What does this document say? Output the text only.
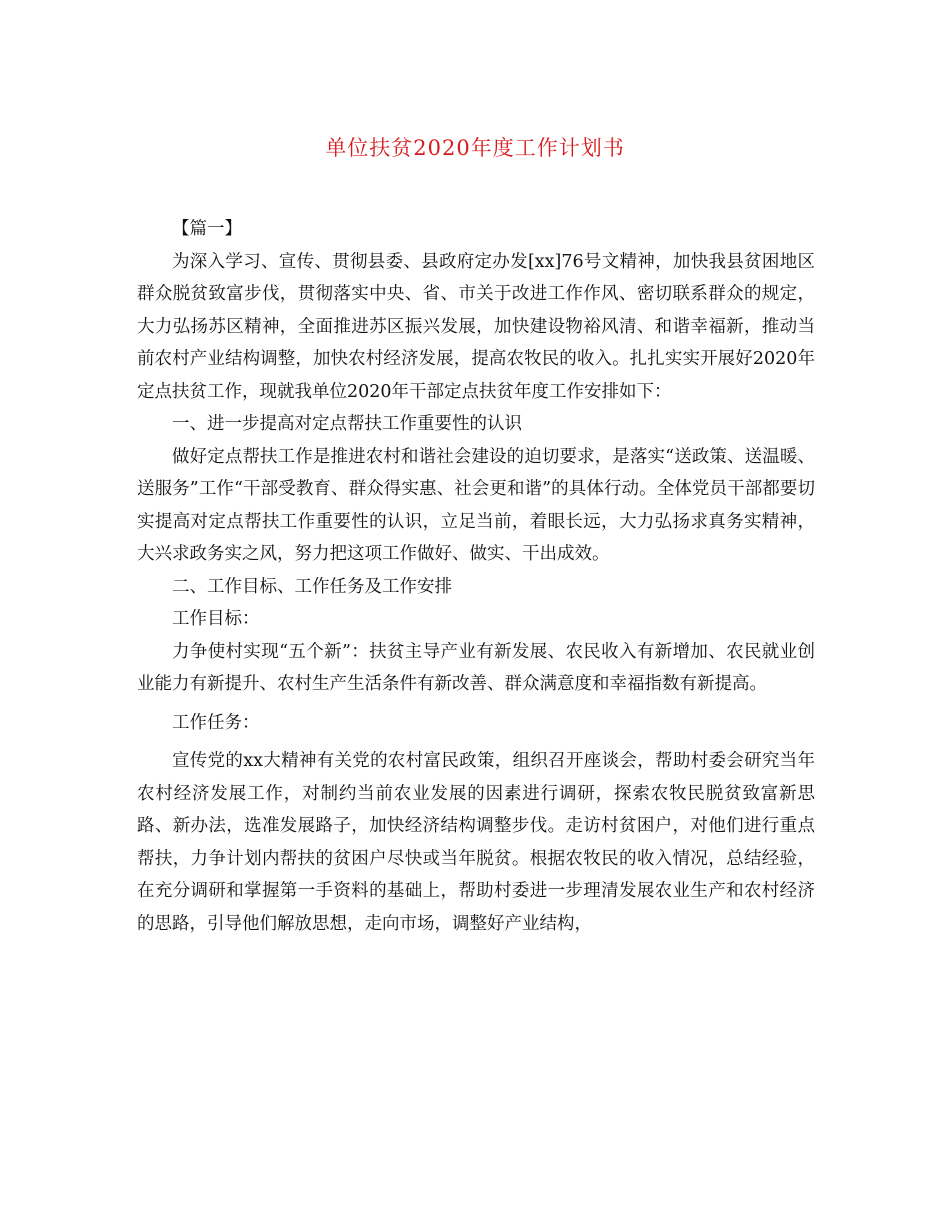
单位扶贫2020年度工作计划书

【篇一】

为深入学习、宣传、贯彻县委、县政府定办发[xx]76号文精神，加快我县贫困地区群众脱贫致富步伐，贯彻落实中央、省、市关于改进工作作风、密切联系群众的规定，大力弘扬苏区精神，全面推进苏区振兴发展，加快建设物裕风清、和谐幸福新，推动当前农村产业结构调整，加快农村经济发展，提高农牧民的收入。扎扎实实开展好2020年定点扶贫工作，现就我单位2020年干部定点扶贫年度工作安排如下：

一、进一步提高对定点帮扶工作重要性的认识

做好定点帮扶工作是推进农村和谐社会建设的迫切要求，是落实“送政策、送温暖、送服务”工作“干部受教育、群众得实惠、社会更和谐”的具体行动。全体党员干部都要切实提高对定点帮扶工作重要性的认识，立足当前，着眼长远，大力弘扬求真务实精神，大兴求政务实之风，努力把这项工作做好、做实、干出成效。

二、工作目标、工作任务及工作安排

工作目标：

力争使村实现“五个新”：扶贫主导产业有新发展、农民收入有新增加、农民就业创业能力有新提升、农村生产生活条件有新改善、群众满意度和幸福指数有新提高。

工作任务：

宣传党的xx大精神有关党的农村富民政策，组织召开座谈会，帮助村委会研究当年农村经济发展工作，对制约当前农业发展的因素进行调研，探索农牧民脱贫致富新思路、新办法，选准发展路子，加快经济结构调整步伐。走访村贫困户，对他们进行重点帮扶，力争计划内帮扶的贫困户尽快或当年脱贫。根据农牧民的收入情况，总结经验，在充分调研和掌握第一手资料的基础上，帮助村委进一步理清发展农业生产和农村经济的思路，引导他们解放思想，走向市场，调整好产业结构，
